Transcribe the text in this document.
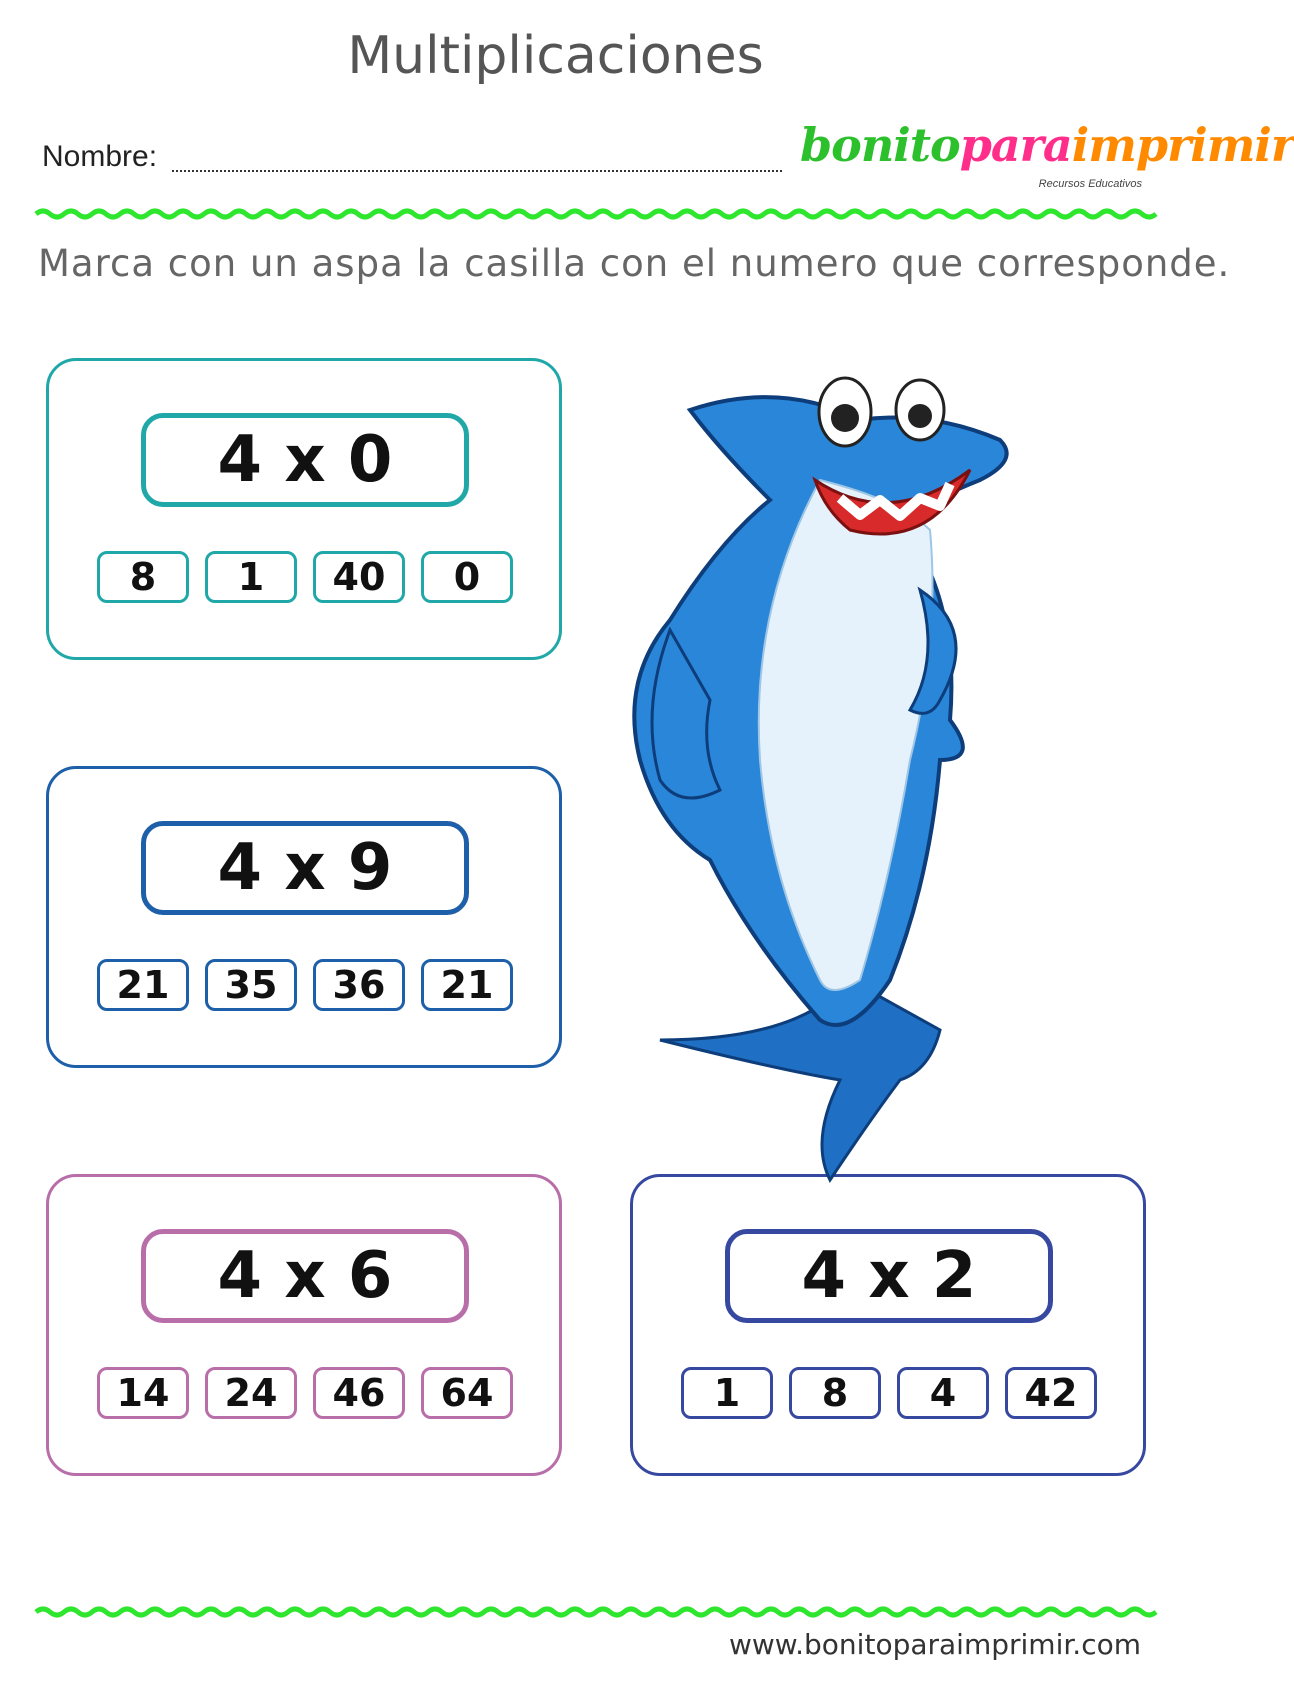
Multiplicaciones
Nombre:	bonitoparaimprimir
Recursos Educativos
Marca con un aspa la casilla con el numero que corresponde.
4 x 0
8	1	40	0
4 x 9
21	35	36	21
4 x 6
14	24	46	64
4 x 2
1	8	4	42
www.bonitoparaimprimir.com
